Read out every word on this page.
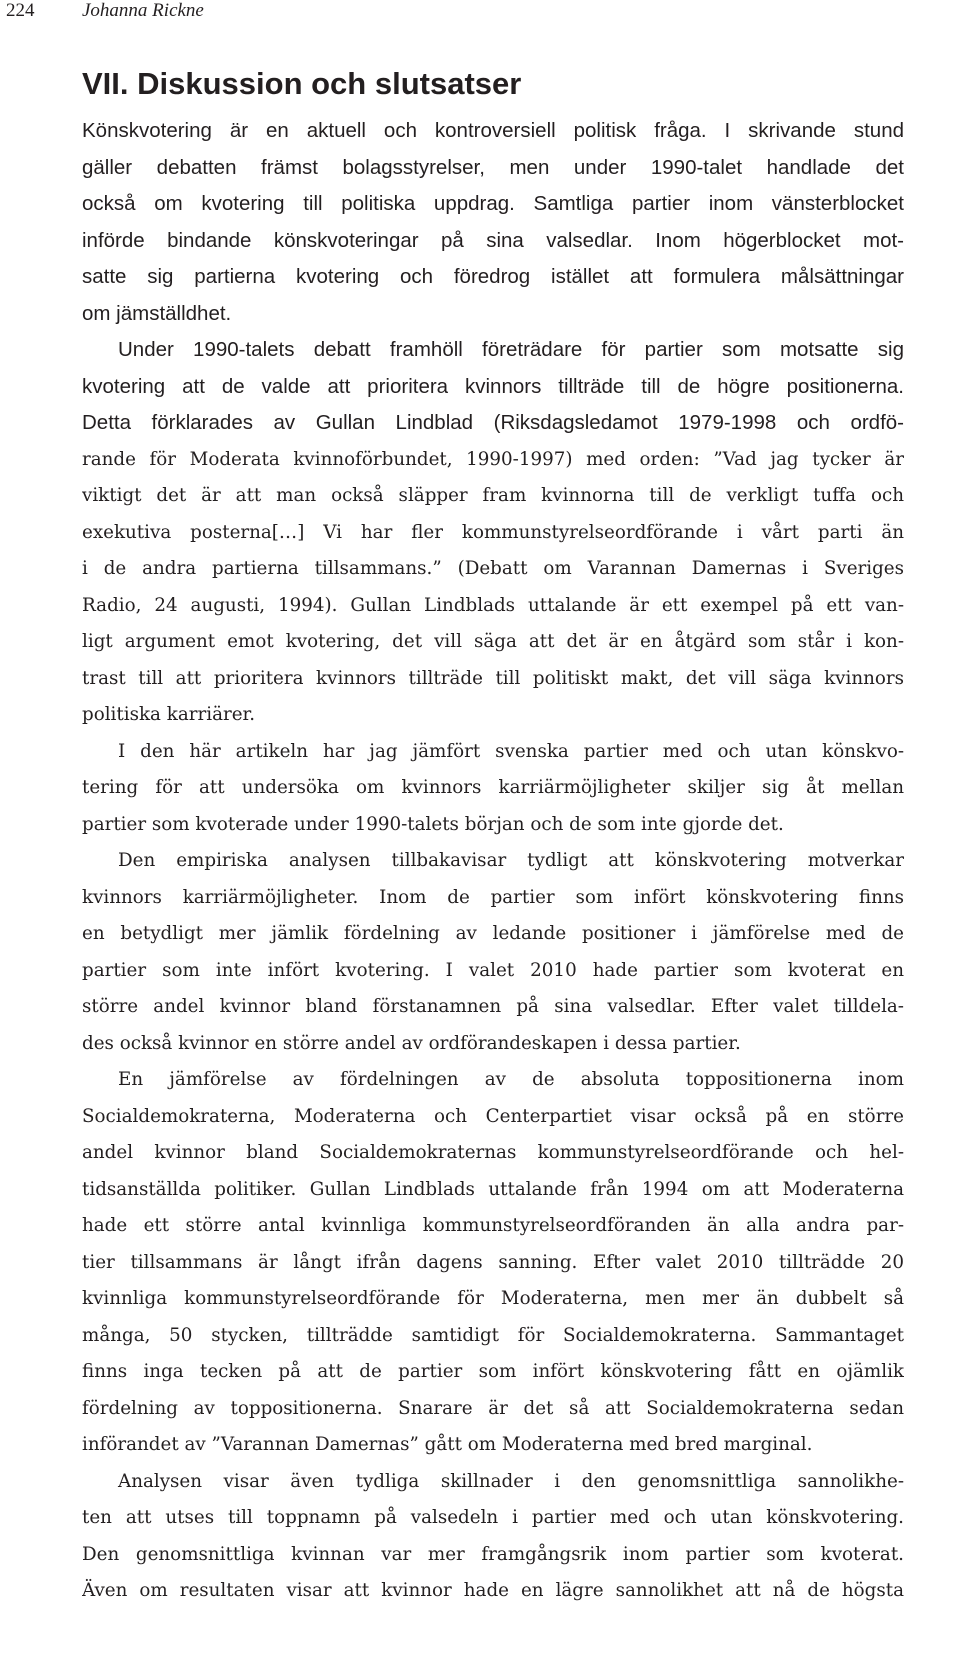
224	Johanna Rickne
VII. Diskussion och slutsatser
Könskvotering är en aktuell och kontroversiell politisk fråga. I skrivande stund
gäller debatten främst bolagsstyrelser, men under 1990-talet handlade det
också om kvotering till politiska uppdrag. Samtliga partier inom vänsterblocket
införde bindande könskvoteringar på sina valsedlar. Inom högerblocket mot-
satte sig partierna kvotering och föredrog istället att formulera målsättningar
om jämställdhet.
Under 1990-talets debatt framhöll företrädare för partier som motsatte sig
kvotering att de valde att prioritera kvinnors tillträde till de högre positionerna.
Detta förklarades av Gullan Lindblad (Riksdagsledamot 1979-1998 och ordfö-
rande för Moderata kvinnoförbundet, 1990-1997) med orden: ”Vad jag tycker är
viktigt det är att man också släpper fram kvinnorna till de verkligt tuffa och
exekutiva posterna[…] Vi har fler kommunstyrelseordförande i vårt parti än
i de andra partierna tillsammans.” (Debatt om Varannan Damernas i Sveriges
Radio, 24 augusti, 1994). Gullan Lindblads uttalande är ett exempel på ett van-
ligt argument emot kvotering, det vill säga att det är en åtgärd som står i kon-
trast till att prioritera kvinnors tillträde till politiskt makt, det vill säga kvinnors
politiska karriärer.
I den här artikeln har jag jämfört svenska partier med och utan könskvo-
tering för att undersöka om kvinnors karriärmöjligheter skiljer sig åt mellan
partier som kvoterade under 1990-talets början och de som inte gjorde det.
Den empiriska analysen tillbakavisar tydligt att könskvotering motverkar
kvinnors karriärmöjligheter. Inom de partier som infört könskvotering finns
en betydligt mer jämlik fördelning av ledande positioner i jämförelse med de
partier som inte infört kvotering. I valet 2010 hade partier som kvoterat en
större andel kvinnor bland förstanamnen på sina valsedlar. Efter valet tilldela-
des också kvinnor en större andel av ordförandeskapen i dessa partier.
En jämförelse av fördelningen av de absoluta toppositionerna inom
Socialdemokraterna, Moderaterna och Centerpartiet visar också på en större
andel kvinnor bland Socialdemokraternas kommunstyrelseordförande och hel-
tidsanställda politiker. Gullan Lindblads uttalande från 1994 om att Moderaterna
hade ett större antal kvinnliga kommunstyrelseordföranden än alla andra par-
tier tillsammans är långt ifrån dagens sanning. Efter valet 2010 tillträdde 20
kvinnliga kommunstyrelseordförande för Moderaterna, men mer än dubbelt så
många, 50 stycken, tillträdde samtidigt för Socialdemokraterna. Sammantaget
finns inga tecken på att de partier som infört könskvotering fått en ojämlik
fördelning av toppositionerna. Snarare är det så att Socialdemokraterna sedan
införandet av ”Varannan Damernas” gått om Moderaterna med bred marginal.
Analysen visar även tydliga skillnader i den genomsnittliga sannolikhe-
ten att utses till toppnamn på valsedeln i partier med och utan könskvotering.
Den genomsnittliga kvinnan var mer framgångsrik inom partier som kvoterat.
Även om resultaten visar att kvinnor hade en lägre sannolikhet att nå de högsta
